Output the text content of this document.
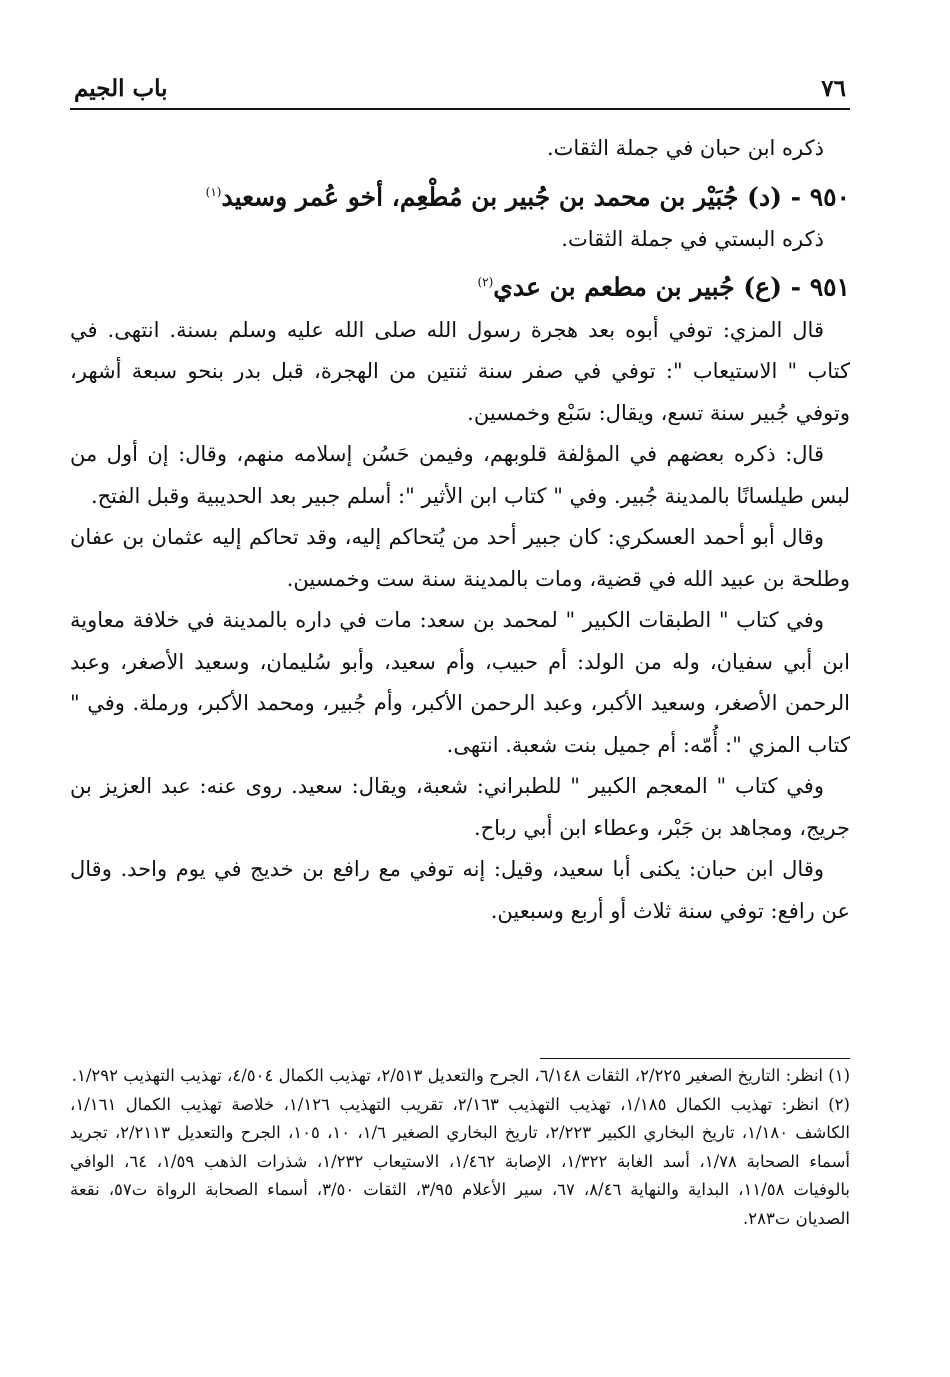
٧٦
باب الجيم

ذكره ابن حبان في جملة الثقات.

٩٥٠ - (د) جُبَيْر بن محمد بن جُبير بن مُطْعِم، أخو عُمر وسعيد$^{(١)}$

ذكره البستي في جملة الثقات.

٩٥١ - (ع) جُبير بن مطعم بن عدي$^{(٢)}$

قال المزي: توفي أبوه بعد هجرة رسول الله صلى الله عليه وسلم بسنة. انتهى. في كتاب " الاستيعاب ": توفي في صفر سنة ثنتين من الهجرة، قبل بدر بنحو سبعة أشهر، وتوفي جُبير سنة تسع، ويقال: سَبْع وخمسين.

قال: ذكره بعضهم في المؤلفة قلوبهم، وفيمن حَسُن إسلامه منهم، وقال: إن أول من لبس طيلسانًا بالمدينة جُبير. وفي " كتاب ابن الأثير ": أسلم جبير بعد الحديبية وقبل الفتح.

وقال أبو أحمد العسكري: كان جبير أحد من يُتحاكم إليه، وقد تحاكم إليه عثمان بن عفان وطلحة بن عبيد الله في قضية، ومات بالمدينة سنة ست وخمسين.

وفي كتاب " الطبقات الكبير " لمحمد بن سعد: مات في داره بالمدينة في خلافة معاوية ابن أبي سفيان، وله من الولد: أم حبيب، وأم سعيد، وأبو سُليمان، وسعيد الأصغر، وعبد الرحمن الأصغر، وسعيد الأكبر، وعبد الرحمن الأكبر، وأم جُبير، ومحمد الأكبر، ورملة. وفي " كتاب المزي ": أُمّه: أم جميل بنت شعبة. انتهى.

وفي كتاب " المعجم الكبير " للطبراني: شعبة، ويقال: سعيد. روى عنه: عبد العزيز بن جريج، ومجاهد بن جَبْر، وعطاء ابن أبي رباح.

وقال ابن حبان: يكنى أبا سعيد، وقيل: إنه توفي مع رافع بن خديج في يوم واحد. وقال عن رافع: توفي سنة ثلاث أو أربع وسبعين.

(١) انظر: التاريخ الصغير ٢/٢٢٥، الثقات ٦/١٤٨، الجرح والتعديل ٢/٥١٣، تهذيب الكمال ٤/٥٠٤، تهذيب التهذيب ١/٢٩٢.

(٢) انظر: تهذيب الكمال ١/١٨٥، تهذيب التهذيب ٢/١٦٣، تقريب التهذيب ١/١٢٦، خلاصة تهذيب الكمال ١/١٦١، الكاشف ١/١٨٠، تاريخ البخاري الكبير ٢/٢٢٣، تاريخ البخاري الصغير ١/٦، ١٠، ١٠٥، الجرح والتعديل ٢/٢١١٣، تجريد أسماء الصحابة ١/٧٨، أسد الغابة ١/٣٢٢، الإصابة ١/٤٦٢، الاستيعاب ١/٢٣٢، شذرات الذهب ١/٥٩، ٦٤، الوافي بالوفيات ١١/٥٨، البداية والنهاية ٨/٤٦، ٦٧، سير الأعلام ٣/٩٥، الثقات ٣/٥٠، أسماء الصحابة الرواة ت٥٧، نقعة الصديان ت٢٨٣.
